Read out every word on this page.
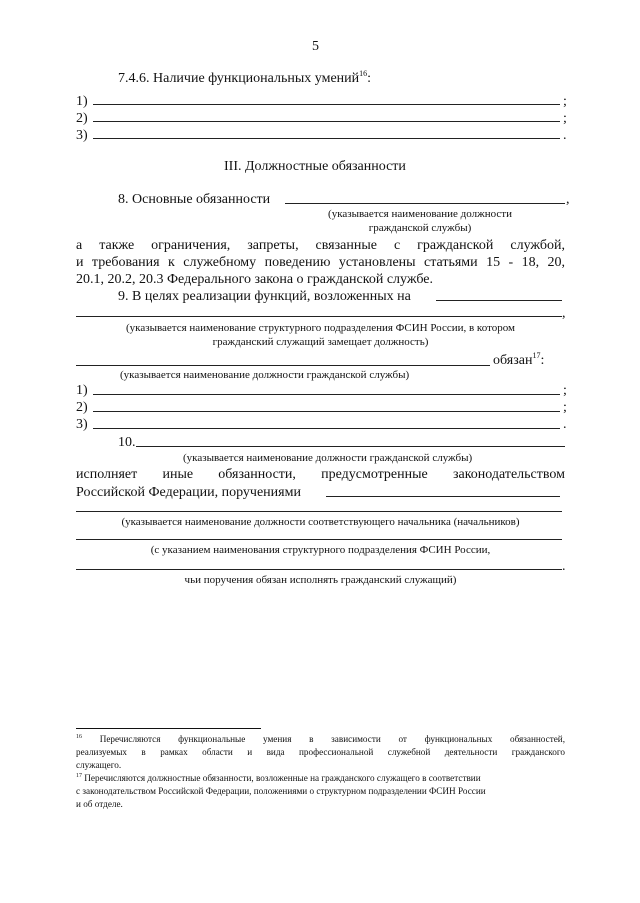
5
7.4.6. Наличие функциональных умений$^{16}$:
1)	;
2)	;
3)	.
III. Должностные обязанности
8. Основные обязанности	,
(указывается наименование должности
гражданской службы)
а также ограничения, запреты, связанные с гражданской службой,
и требования к служебному поведению установлены статьями 15 - 18, 20,
20.1, 20.2, 20.3 Федерального закона о гражданской службе.
9. В целях реализации функций, возложенных на
,
(указывается наименование структурного подразделения ФСИН России, в котором
гражданский служащий замещает должность)
обязан$^{17}$:
(указывается наименование должности гражданской службы)
1)	;
2)	;
3)	.
10.
(указывается наименование должности гражданской службы)
исполняет иные обязанности, предусмотренные законодательством
Российской Федерации, поручениями
(указывается наименование должности соответствующего начальника (начальников)
(с указанием наименования структурного подразделения ФСИН России,
.
чьи поручения обязан исполнять гражданский служащий)
$^{16}$ Перечисляются функциональные умения в зависимости от функциональных обязанностей,
реализуемых в рамках области и вида профессиональной служебной деятельности гражданского
служащего.
$^{17}$ Перечисляются должностные обязанности, возложенные на гражданского служащего в соответствии
с законодательством Российской Федерации, положениями о структурном подразделении ФСИН России
и об отделе.
